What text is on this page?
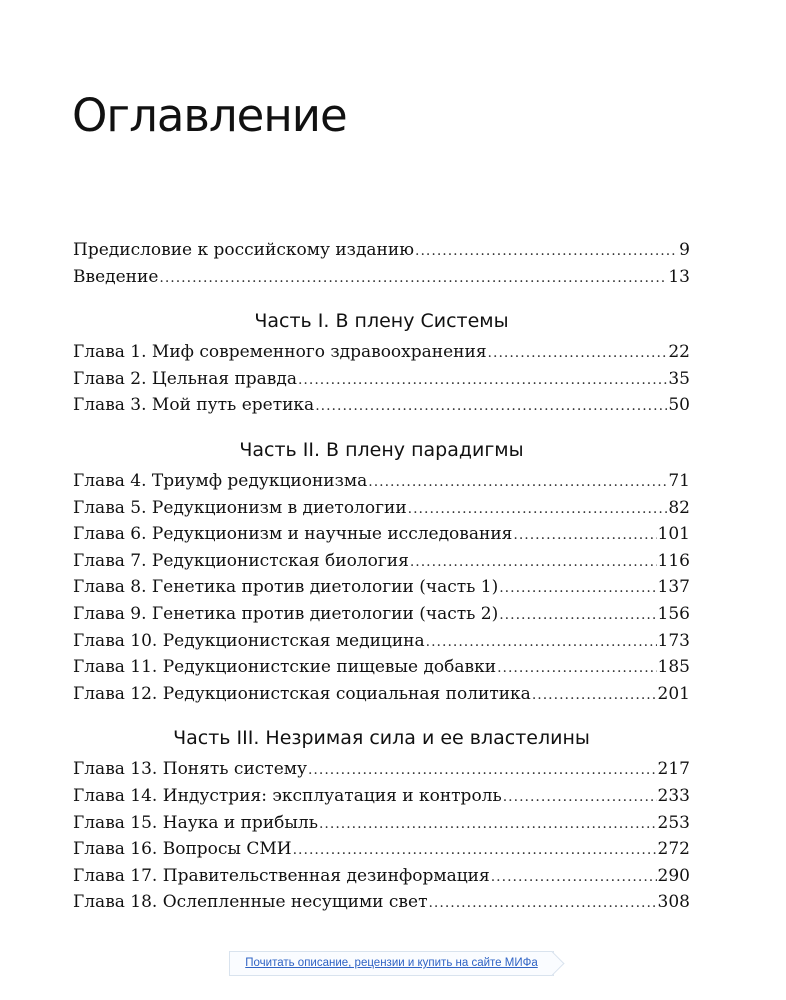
Оглавление
Предисловие к российскому изданию .....	9
Введение .....	13
Часть I. В плену Системы
Глава 1. Миф современного здравоохранения .....	22
Глава 2. Цельная правда .....	35
Глава 3. Мой путь еретика .....	50
Часть II. В плену парадигмы
Глава 4. Триумф редукционизма .....	71
Глава 5. Редукционизм в диетологии .....	82
Глава 6. Редукционизм и научные исследования .....	101
Глава 7. Редукционистская биология .....	116
Глава 8. Генетика против диетологии (часть 1) .....	137
Глава 9. Генетика против диетологии (часть 2) .....	156
Глава 10. Редукционистская медицина .....	173
Глава 11. Редукционистские пищевые добавки .....	185
Глава 12. Редукционистская социальная политика .....	201
Часть III. Незримая сила и ее властелины
Глава 13. Понять систему .....	217
Глава 14. Индустрия: эксплуатация и контроль .....	233
Глава 15. Наука и прибыль .....	253
Глава 16. Вопросы СМИ .....	272
Глава 17. Правительственная дезинформация .....	290
Глава 18. Ослепленные несущими свет .....	308
Почитать описание, рецензии и купить на сайте МИФа
